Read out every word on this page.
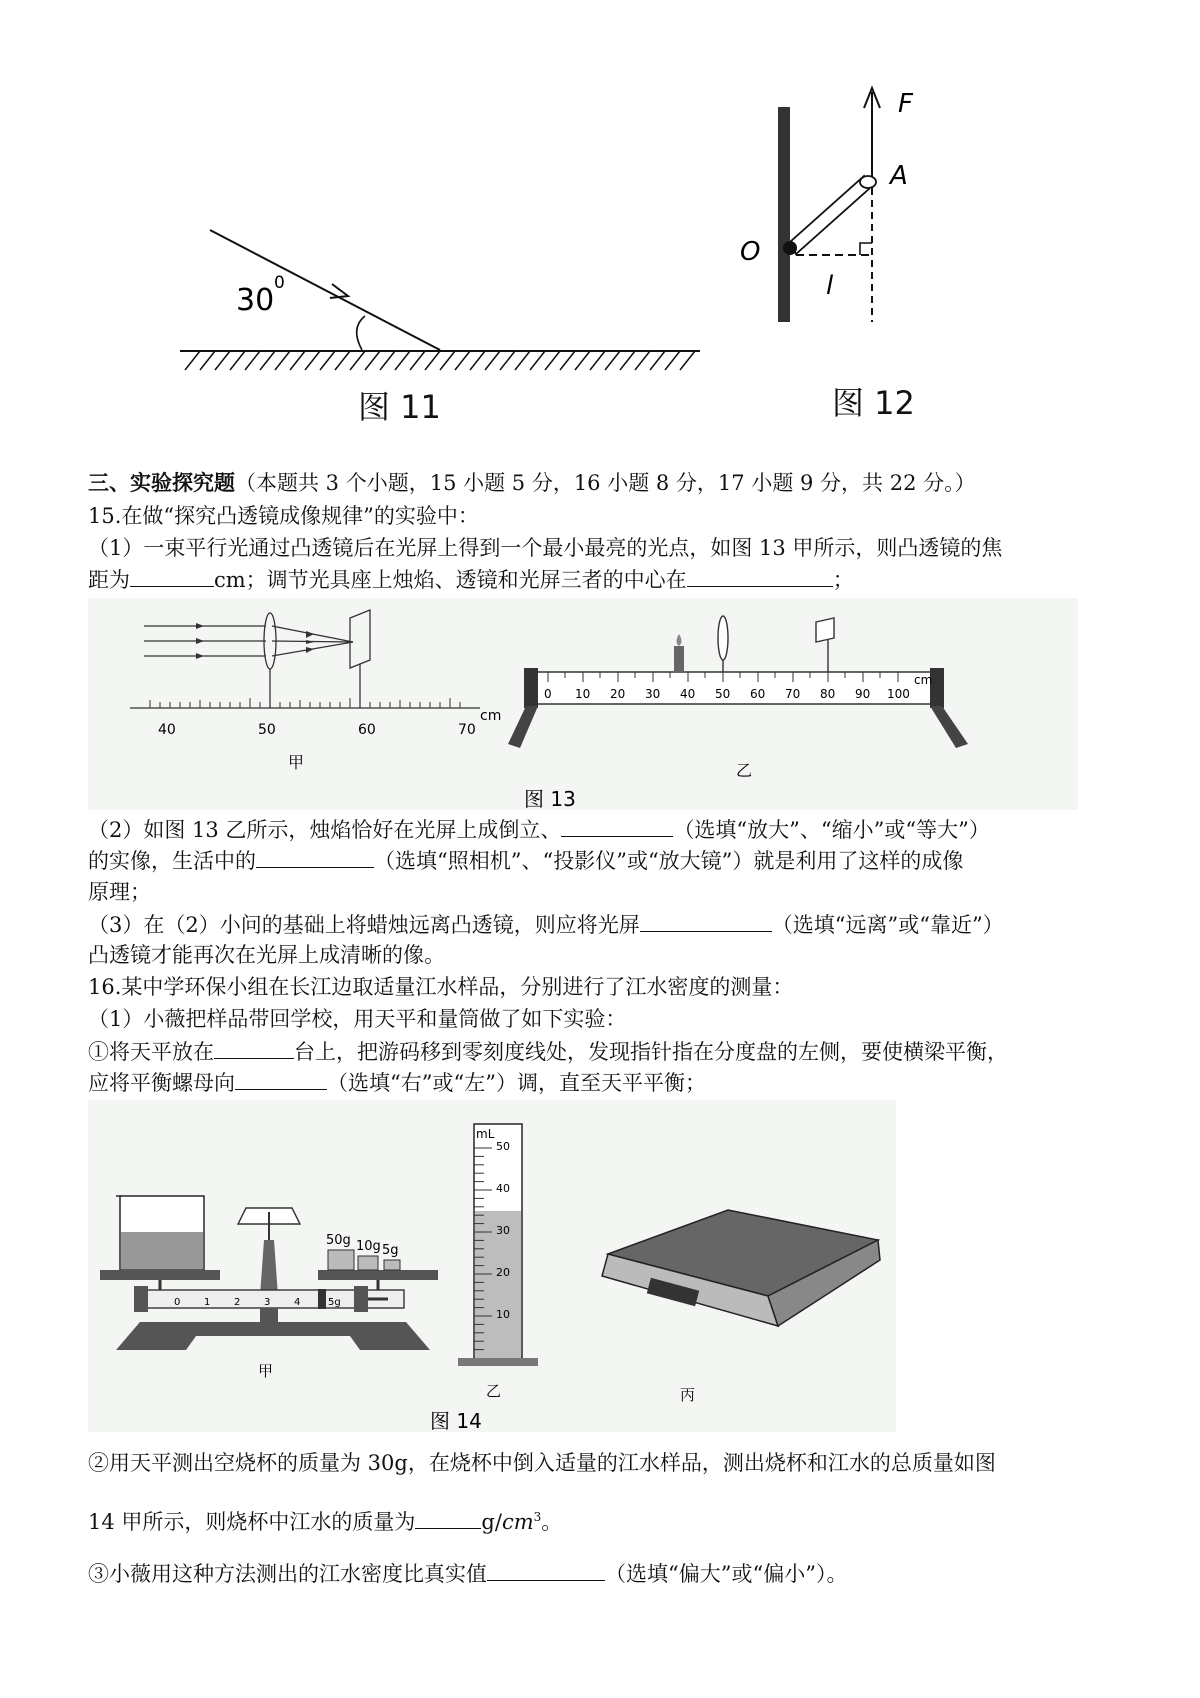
30 0
图 11
F
A
O
l
图 12
三、实验探究题（本题共 3 个小题，15 小题 5 分，16 小题 8 分，17 小题 9 分，共 22 分。）
15.在做“探究凸透镜成像规律”的实验中：
（1）一束平行光通过凸透镜后在光屏上得到一个最小最亮的光点，如图 13 甲所示，则凸透镜的焦
距为	cm；调节光具座上烛焰、透镜和光屏三者的中心在	；
40	50	60	70
cm
甲
0 10 20 30 40 50 60 70 80 90 100
cm
乙
图 13
（2）如图 13 乙所示，烛焰恰好在光屏上成倒立、	（选填“放大”、“缩小”或“等大”）
的实像，生活中的	（选填“照相机”、“投影仪”或“放大镜”）就是利用了这样的成像
原理；
（3）在（2）小问的基础上将蜡烛远离凸透镜，则应将光屏	（选填“远离”或“靠近”）
凸透镜才能再次在光屏上成清晰的像。
16.某中学环保小组在长江边取适量江水样品，分别进行了江水密度的测量：
（1）小薇把样品带回学校，用天平和量筒做了如下实验：
①将天平放在	台上，把游码移到零刻度线处，发现指针指在分度盘的左侧，要使横梁平衡，
应将平衡螺母向	（选填“右”或“左”）调，直至天平平衡；
50g 10g 5g
0 1 2 3 4	5g
甲
mL
50
40
30
20
10
乙	丙
图 14
②用天平测出空烧杯的质量为 30g，在烧杯中倒入适量的江水样品，测出烧杯和江水的总质量如图
14 甲所示，则烧杯中江水的质量为	$g/cm^3$。
③小薇用这种方法测出的江水密度比真实值	（选填“偏大”或“偏小”）。
